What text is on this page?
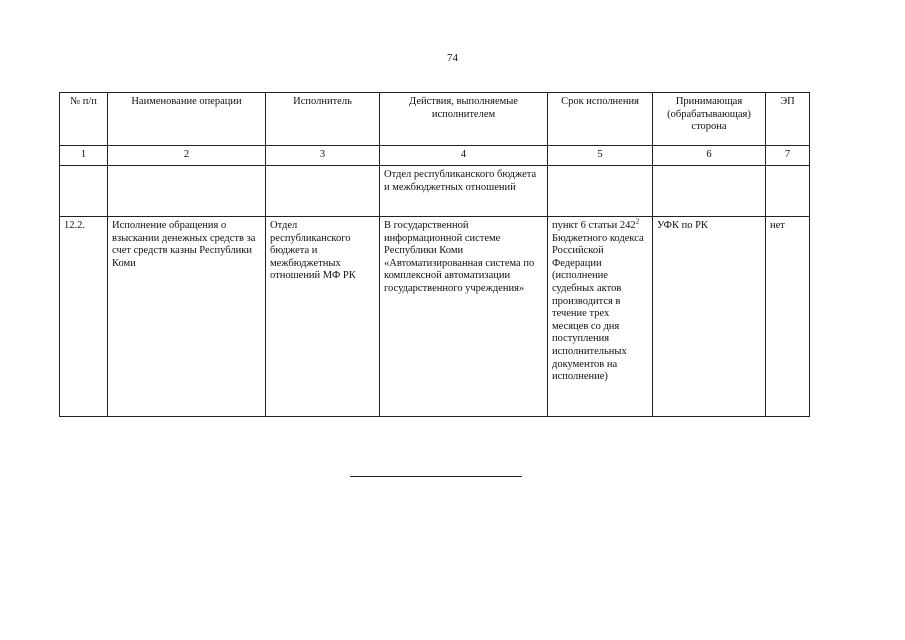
74
№ п/п	Наименование операции	Исполнитель	Действия, выполняемые исполнителем	Срок исполнения	Принимающая (обрабатывающая) сторона	ЭП
1	2	3	4	5	6	7
			Отдел республиканского бюджета и межбюджетных отношений			
12.2.	Исполнение обращения о взыскании денежных средств за счет средств казны Республики Коми	Отдел республиканского бюджета и межбюджетных отношений МФ РК	В государственной информационной системе Республики Коми «Автоматизированная система по комплексной автоматизации государственного учреждения»	пункт 6 статьи $242^2$ Бюджетного кодекса Российской Федерации (исполнение судебных актов производится в течение трех месяцев со дня поступления исполнительных документов на исполнение)	УФК по РК	нет
